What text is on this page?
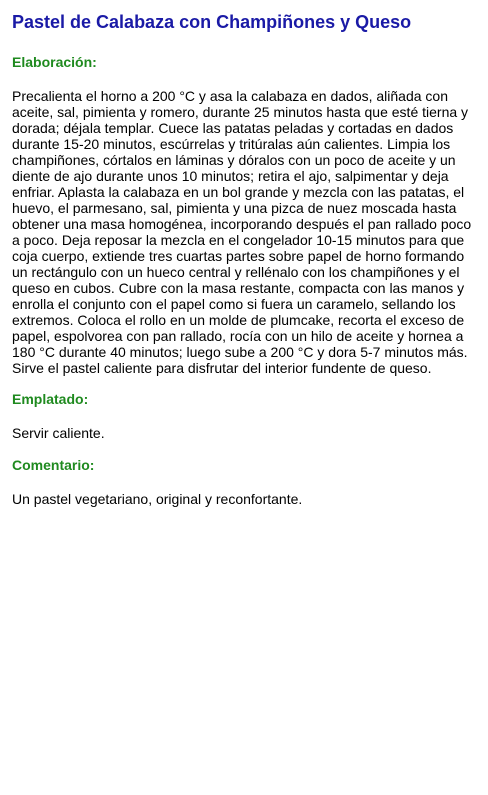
Pastel de Calabaza con Champiñones y Queso
Elaboración:

Precalienta el horno a 200 °C y asa la calabaza en dados, aliñada con aceite, sal, pimienta y romero, durante 25 minutos hasta que esté tierna y dorada; déjala templar. Cuece las patatas peladas y cortadas en dados durante 15-20 minutos, escúrrelas y tritúralas aún calientes. Limpia los champiñones, córtalos en láminas y dóralos con un poco de aceite y un diente de ajo durante unos 10 minutos; retira el ajo, salpimentar y deja enfriar. Aplasta la calabaza en un bol grande y mezcla con las patatas, el huevo, el parmesano, sal, pimienta y una pizca de nuez moscada hasta obtener una masa homogénea, incorporando después el pan rallado poco a poco. Deja reposar la mezcla en el congelador 10-15 minutos para que coja cuerpo, extiende tres cuartas partes sobre papel de horno formando un rectángulo con un hueco central y rellénalo con los champiñones y el queso en cubos. Cubre con la masa restante, compacta con las manos y enrolla el conjunto con el papel como si fuera un caramelo, sellando los extremos. Coloca el rollo en un molde de plumcake, recorta el exceso de papel, espolvorea con pan rallado, rocía con un hilo de aceite y hornea a 180 °C durante 40 minutos; luego sube a 200 °C y dora 5-7 minutos más. Sirve el pastel caliente para disfrutar del interior fundente de queso.

Emplatado:

Servir caliente.

Comentario:

Un pastel vegetariano, original y reconfortante.
